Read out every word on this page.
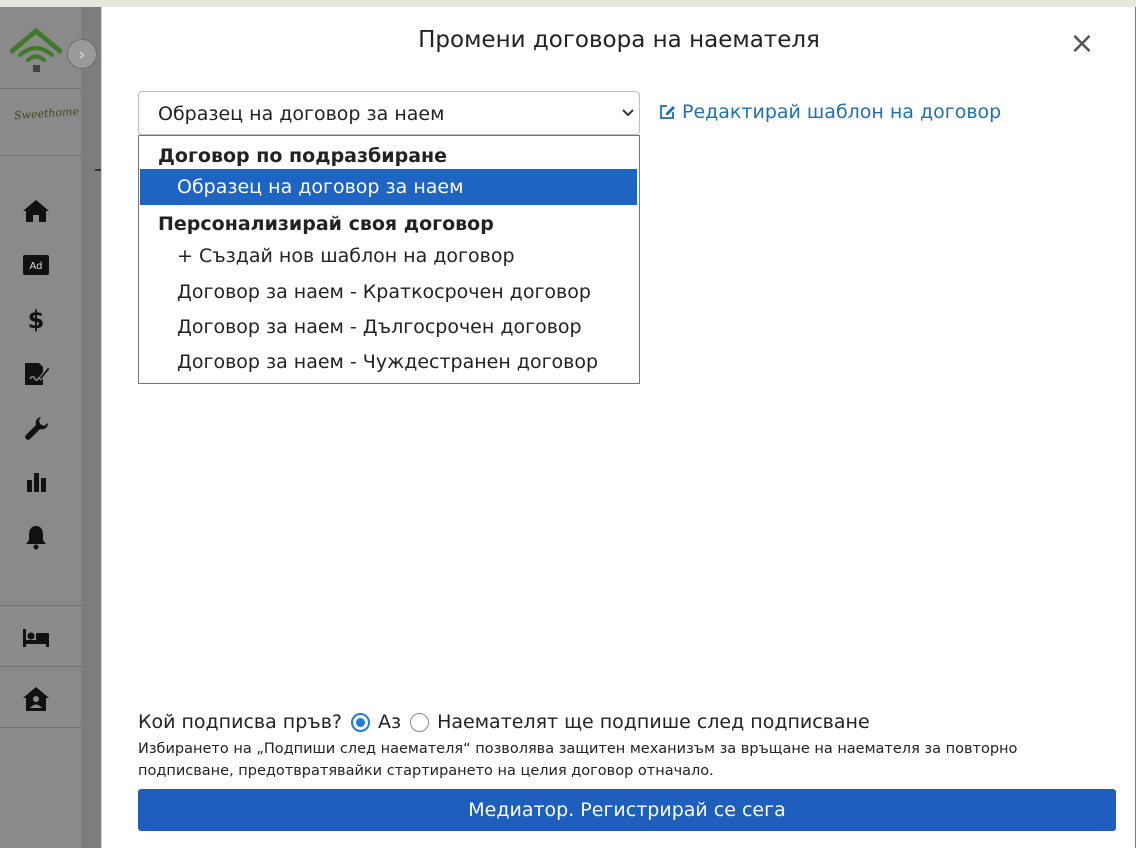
›
Sweethome
Ad
$
Промени договора на наемателя	×
Образец на договор за наем	Редактирай шаблон на договор
Договор по подразбиране
Образец на договор за наем
Персонализирай своя договор
+ Създай нов шаблон на договор
Договор за наем - Краткосрочен договор
Договор за наем - Дългосрочен договор
Договор за наем - Чуждестранен договор
Кой подписва пръв? Аз Наемателят ще подпише след подписване
Избирането на „Подпиши след наемателя“ позволява защитен механизъм за връщане на наемателя за повторно подписване, предотвратявайки стартирането на целия договор отначало.
Медиатор. Регистрирай се сега
